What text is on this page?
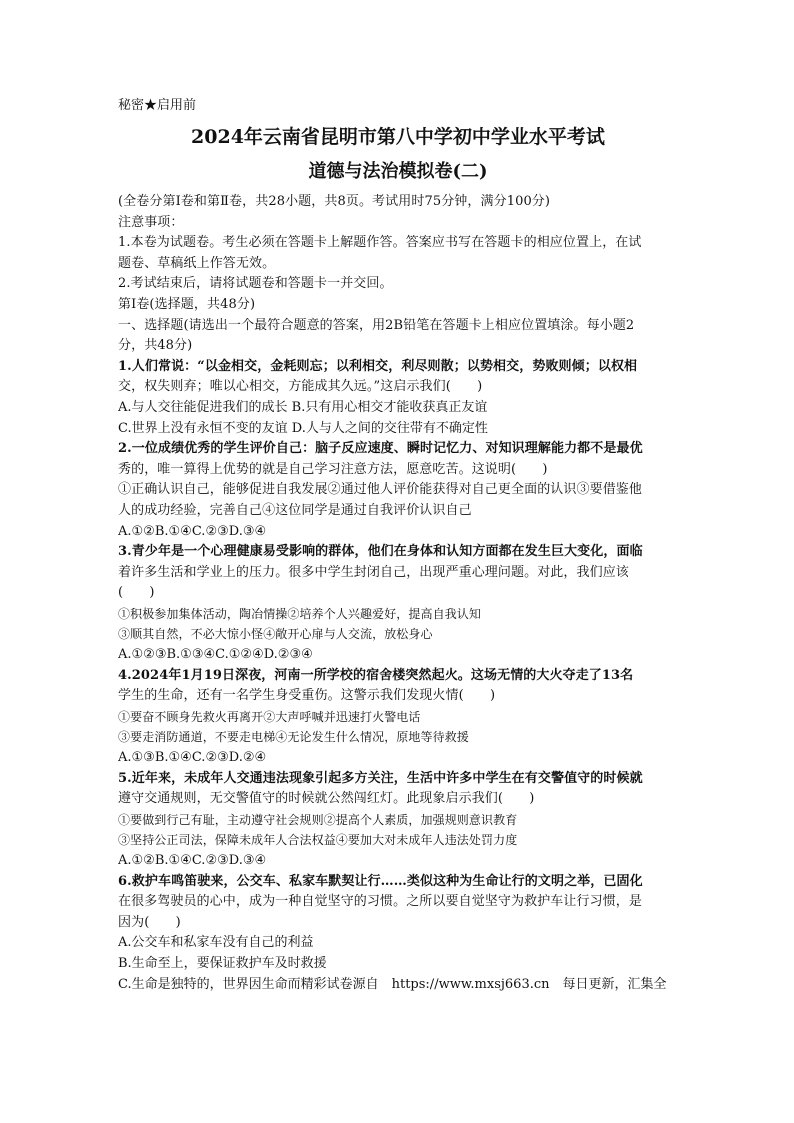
秘密★启用前
2024年云南省昆明市第八中学初中学业水平考试
道德与法治模拟卷(二)
(全卷分第Ⅰ卷和第Ⅱ卷，共28小题，共8页。考试用时75分钟，满分100分)
注意事项：
1.本卷为试题卷。考生必须在答题卡上解题作答。答案应书写在答题卡的相应位置上，在试
题卷、草稿纸上作答无效。
2.考试结束后，请将试题卷和答题卡一并交回。
第Ⅰ卷(选择题，共48分)
一、选择题(请选出一个最符合题意的答案，用2B铅笔在答题卡上相应位置填涂。每小题2
分，共48分)
1.人们常说：“以金相交，金耗则忘；以利相交，利尽则散；以势相交，势败则倾；以权相
交，权失则弃；唯以心相交，方能成其久远。”这启示我们(　　)
A.与人交往能促进我们的成长 B.只有用心相交才能收获真正友谊
C.世界上没有永恒不变的友谊 D.人与人之间的交往带有不确定性
2.一位成绩优秀的学生评价自己：脑子反应速度、瞬时记忆力、对知识理解能力都不是最优
秀的，唯一算得上优势的就是自己学习注意方法，愿意吃苦。这说明(　　)
①正确认识自己，能够促进自我发展②通过他人评价能获得对自己更全面的认识③要借鉴他
人的成功经验，完善自己④这位同学是通过自我评价认识自己
A.①②B.①④C.②③D.③④
3.青少年是一个心理健康易受影响的群体，他们在身体和认知方面都在发生巨大变化，面临
着许多生活和学业上的压力。很多中学生封闭自己，出现严重心理问题。对此，我们应该
(　　)
①积极参加集体活动，陶冶情操②培养个人兴趣爱好，提高自我认知
③顺其自然，不必大惊小怪④敞开心扉与人交流，放松身心
A.①②③B.①③④C.①②④D.②③④
4.2024年1月19日深夜，河南一所学校的宿舍楼突然起火。这场无情的大火夺走了13名
学生的生命，还有一名学生身受重伤。这警示我们发现火情(　　)
①要奋不顾身先救火再离开②大声呼喊并迅速打火警电话
③要走消防通道，不要走电梯④无论发生什么情况，原地等待救援
A.①③B.①④C.②③D.②④
5.近年来，未成年人交通违法现象引起多方关注，生活中许多中学生在有交警值守的时候就
遵守交通规则，无交警值守的时候就公然闯红灯。此现象启示我们(　　)
①要做到行己有耻，主动遵守社会规则②提高个人素质，加强规则意识教育
③坚持公正司法，保障未成年人合法权益④要加大对未成年人违法处罚力度
A.①②B.①④C.②③D.③④
6.救护车鸣笛驶来，公交车、私家车默契让行……类似这种为生命让行的文明之举，已固化
在很多驾驶员的心中，成为一种自觉坚守的习惯。之所以要自觉坚守为救护车让行习惯，是
因为(　　)
A.公交车和私家车没有自己的利益
B.生命至上，要保证救护车及时救援
C.生命是独特的，世界因生命而精彩试卷源自　https://www.mxsj663.cn　每日更新，汇集全
